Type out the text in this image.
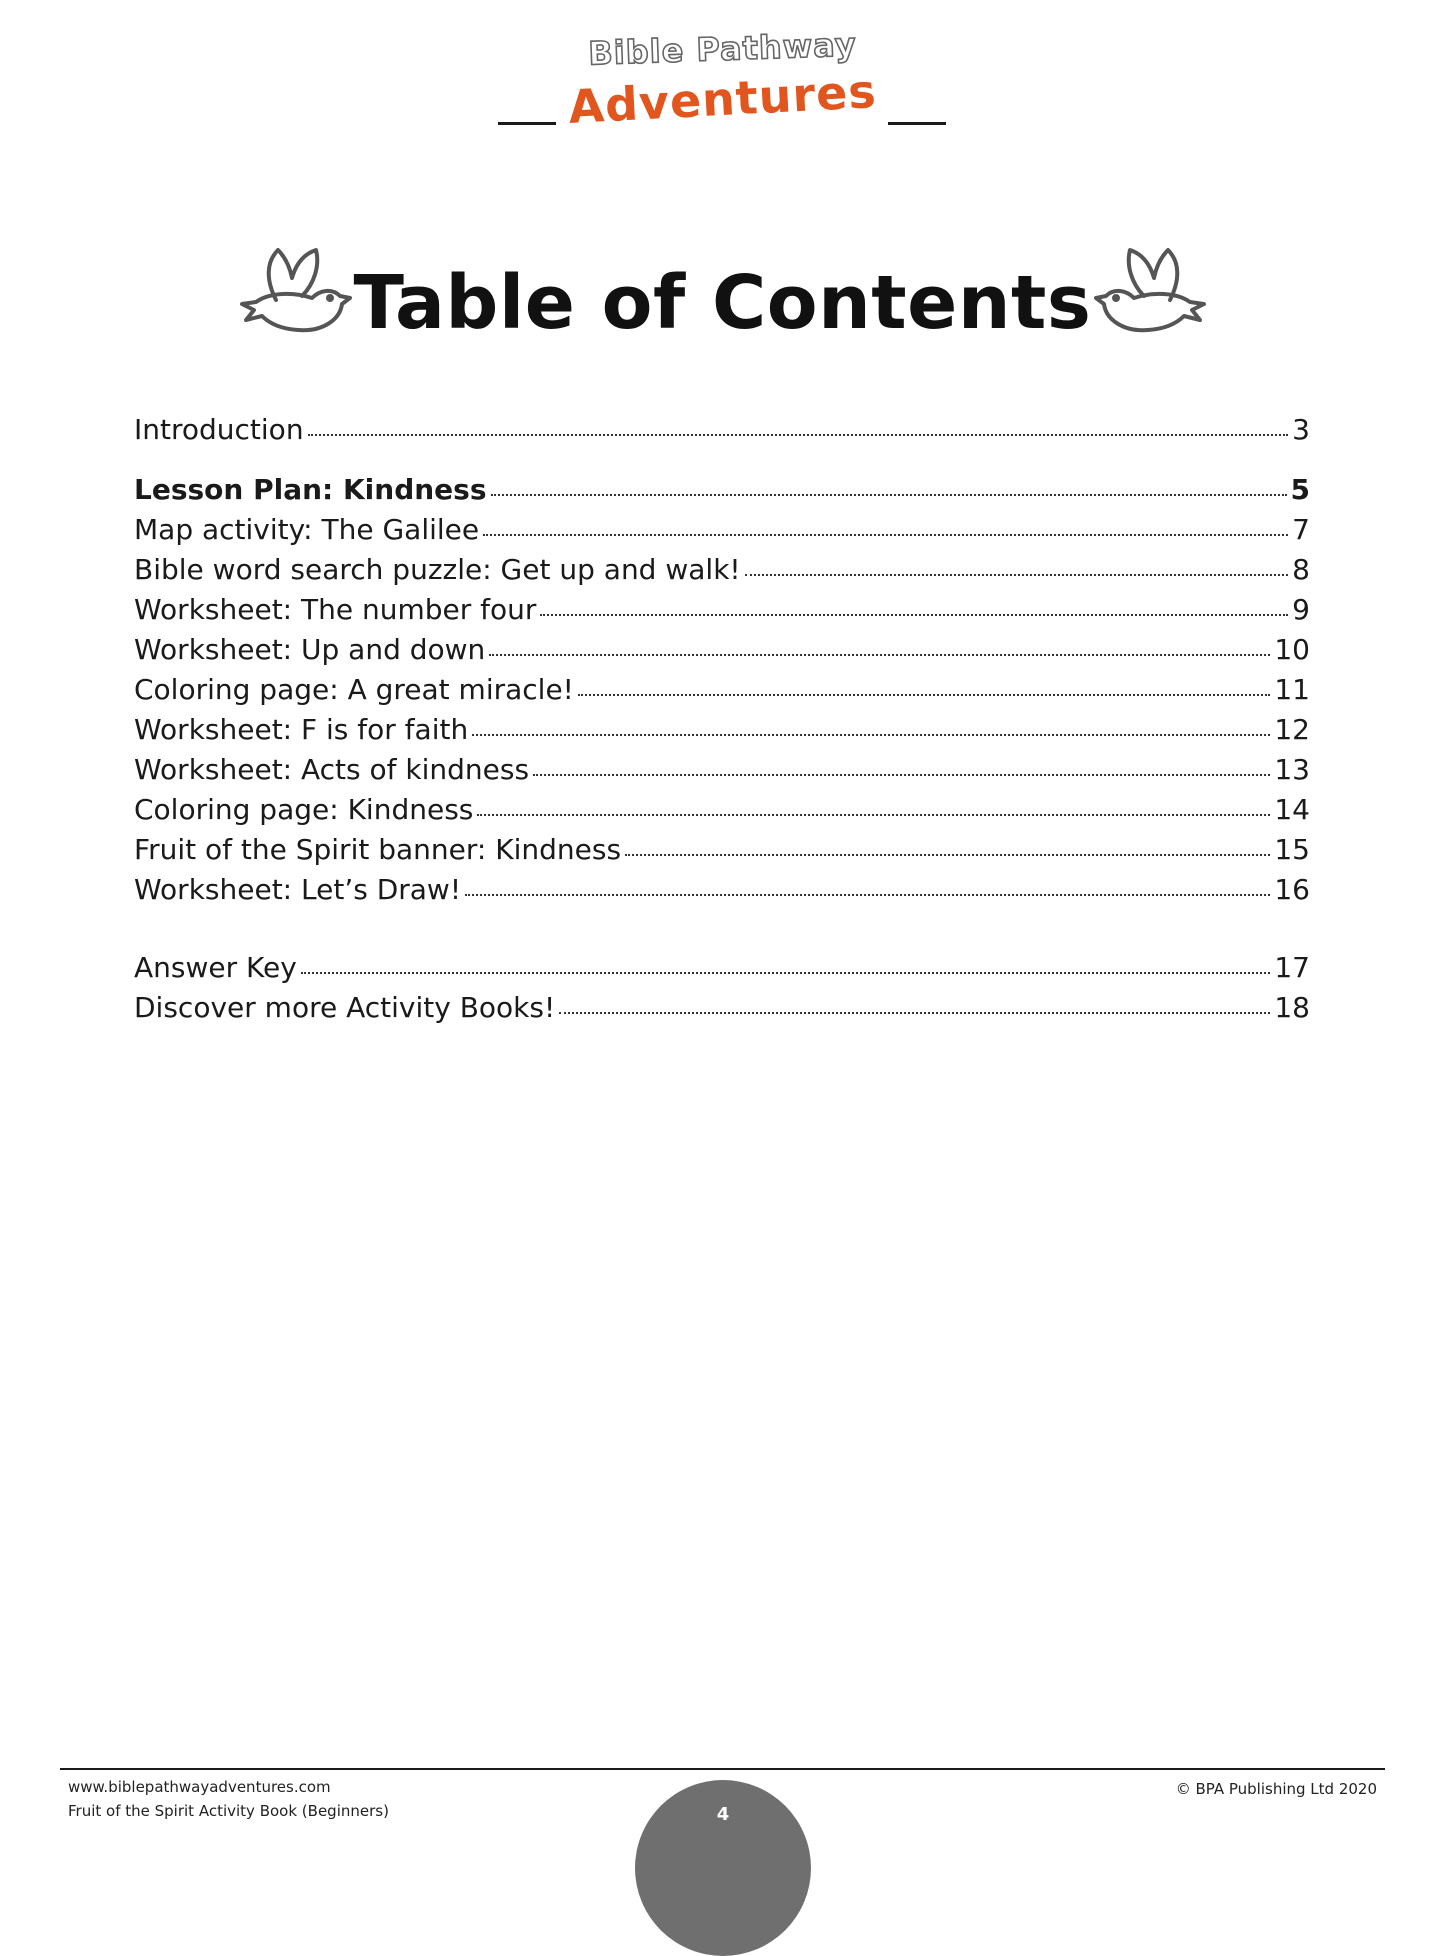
Bible Pathway
Adventures
Table of Contents
Introduction	3
Lesson Plan: Kindness	5
Map activity: The Galilee	7
Bible word search puzzle: Get up and walk!	8
Worksheet: The number four	9
Worksheet: Up and down	10
Coloring page: A great miracle!	11
Worksheet: F is for faith	12
Worksheet: Acts of kindness	13
Coloring page: Kindness	14
Fruit of the Spirit banner: Kindness	15
Worksheet: Let’s Draw!	16
Answer Key	17
Discover more Activity Books!	18
4
www.biblepathwayadventures.com
Fruit of the Spirit Activity Book (Beginners)
© BPA Publishing Ltd 2020
